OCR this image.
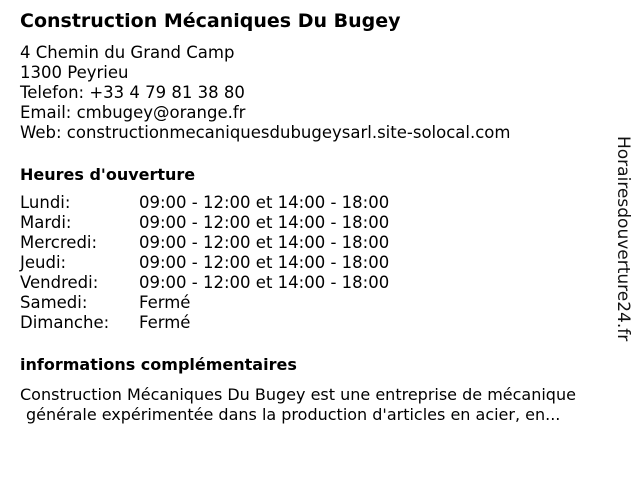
Construction Mécaniques Du Bugey
4 Chemin du Grand Camp
1300 Peyrieu
Telefon: +33 4 79 81 38 80
Email: cmbugey@orange.fr
Web: constructionmecaniquesdubugeysarl.site-solocal.com
Heures d'ouverture
Lundi:	09:00 - 12:00 et 14:00 - 18:00
Mardi:	09:00 - 12:00 et 14:00 - 18:00
Mercredi:	09:00 - 12:00 et 14:00 - 18:00
Jeudi:	09:00 - 12:00 et 14:00 - 18:00
Vendredi: 09:00 - 12:00 et 14:00 - 18:00
Samedi:	Fermé
Dimanche: Fermé
informations complémentaires
Construction Mécaniques Du Bugey est une entreprise de mécanique
générale expérimentée dans la production d'articles en acier, en...
Horairesdouverture24.fr
